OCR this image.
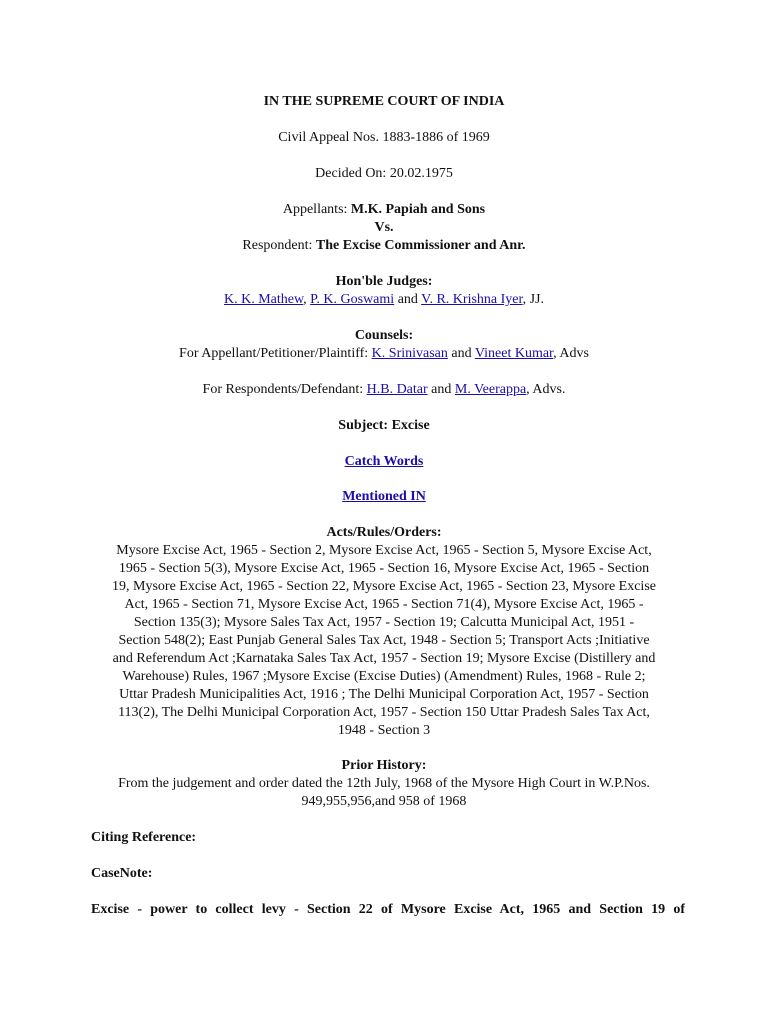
IN THE SUPREME COURT OF INDIA

Civil Appeal Nos. 1883-1886 of 1969

Decided On: 20.02.1975

Appellants: M.K. Papiah and Sons

Vs.

Respondent: The Excise Commissioner and Anr.

Hon'ble Judges:

K. K. Mathew, P. K. Goswami and V. R. Krishna Iyer, JJ.

Counsels:

For Appellant/Petitioner/Plaintiff: K. Srinivasan and Vineet Kumar, Advs

For Respondents/Defendant: H.B. Datar and M. Veerappa, Advs.

Subject: Excise

Catch Words

Mentioned IN

Acts/Rules/Orders:

Mysore Excise Act, 1965 - Section 2, Mysore Excise Act, 1965 - Section 5, Mysore Excise Act,
1965 - Section 5(3), Mysore Excise Act, 1965 - Section 16, Mysore Excise Act, 1965 - Section
19, Mysore Excise Act, 1965 - Section 22, Mysore Excise Act, 1965 - Section 23, Mysore Excise
Act, 1965 - Section 71, Mysore Excise Act, 1965 - Section 71(4), Mysore Excise Act, 1965 -
Section 135(3); Mysore Sales Tax Act, 1957 - Section 19; Calcutta Municipal Act, 1951 -
Section 548(2); East Punjab General Sales Tax Act, 1948 - Section 5; Transport Acts ;Initiative
and Referendum Act ;Karnataka Sales Tax Act, 1957 - Section 19; Mysore Excise (Distillery and
Warehouse) Rules, 1967 ;Mysore Excise (Excise Duties) (Amendment) Rules, 1968 - Rule 2;
Uttar Pradesh Municipalities Act, 1916 ; The Delhi Municipal Corporation Act, 1957 - Section
113(2), The Delhi Municipal Corporation Act, 1957 - Section 150 Uttar Pradesh Sales Tax Act,
1948 - Section 3

Prior History:

From the judgement and order dated the 12th July, 1968 of the Mysore High Court in W.P.Nos.
949,955,956,and 958 of 1968

Citing Reference:

CaseNote:

Excise - power to collect levy - Section 22 of Mysore Excise Act, 1965 and Section 19 of
